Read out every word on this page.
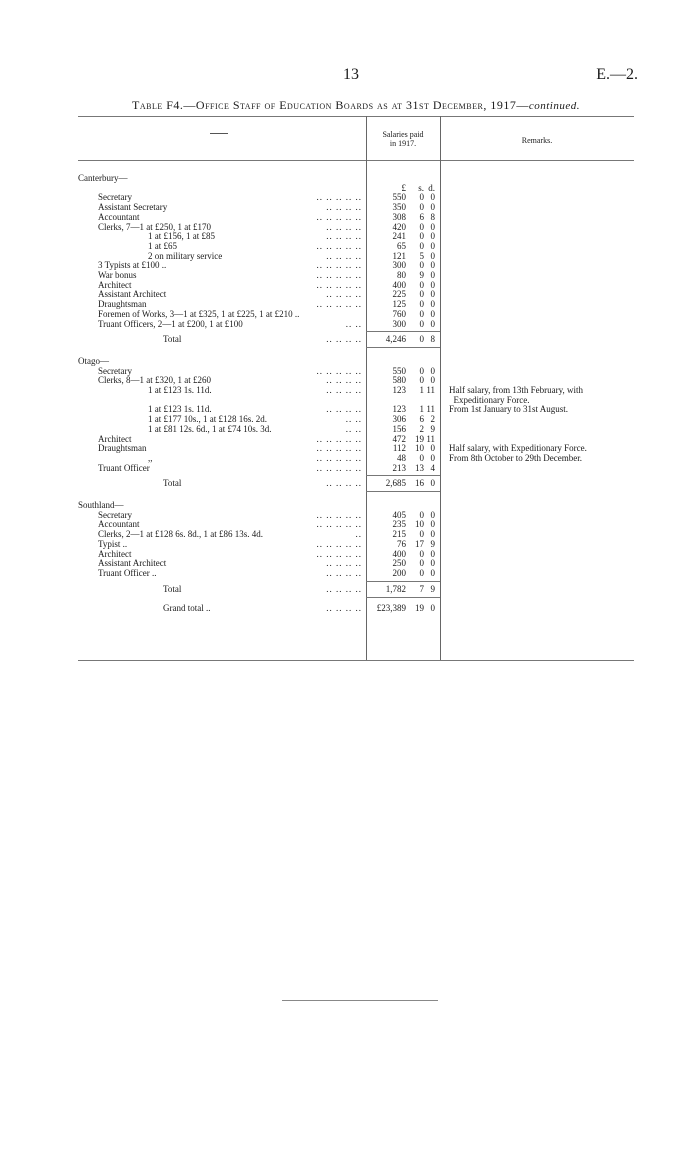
13	E.—2.
Table F4.—Office Staff of Education Boards as at 31st December, 1917—continued.
Salaries paid
in 1917.	Remarks.
Canterbury—
£ s. d.
Secretary	.. .. .. .. ..	550 0 0
Assistant Secretary	.. .. .. ..	350 0 0
Accountant	.. .. .. .. ..	308 6 8
Clerks, 7—1 at £250, 1 at £170	.. .. .. ..	420 0 0
1 at £156, 1 at £85	.. .. .. ..	241 0 0
1 at £65	.. .. .. .. ..	65 0 0
2 on military service	.. .. .. ..	121 5 0
3 Typists at £100 ..	.. .. .. .. ..	300 0 0
War bonus	.. .. .. .. ..	80 9 0
Architect	.. .. .. .. ..	400 0 0
Assistant Architect	.. .. .. ..	225 0 0
Draughtsman	.. .. .. .. ..	125 0 0
Foremen of Works, 3—1 at £325, 1 at £225, 1 at £210 ..	760 0 0
Truant Officers, 2—1 at £200, 1 at £100	.. ..	300 0 0
Total	.. .. .. ..	4,246 0 8
Otago—
Secretary	.. .. .. .. ..	550 0 0
Clerks, 8—1 at £320, 1 at £260	.. .. .. ..	580 0 0
1 at £123 1s. 11d.	.. .. .. ..	123 1 11 Half salary, from 13th February, with
Expeditionary Force.
1 at £123 1s. 11d.	.. .. .. ..	123 1 11 From 1st January to 31st August.
1 at £177 10s., 1 at £128 16s. 2d.	.. ..	306 6 2
1 at £81 12s. 6d., 1 at £74 10s. 3d.	.. ..	156 2 9
Architect	.. .. .. .. ..	472 19 11
Draughtsman	.. .. .. .. ..	112 10 0 Half salary, with Expeditionary Force.
,,	.. .. .. .. ..	48 0 0 From 8th October to 29th December.
Truant Officer	.. .. .. .. ..	213 13 4
Total	.. .. .. ..	2,685 16 0
Southland—
Secretary	.. .. .. .. ..	405 0 0
Accountant	.. .. .. .. ..	235 10 0
Clerks, 2—1 at £128 6s. 8d., 1 at £86 13s. 4d.	..	215 0 0
Typist ..	.. .. .. .. ..	76 17 9
Architect	.. .. .. .. ..	400 0 0
Assistant Architect	.. .. .. ..	250 0 0
Truant Officer ..	.. .. .. ..	200 0 0
Total	.. .. .. ..	1,782 7 9
Grand total ..	.. .. .. .. £23,389 19 0
